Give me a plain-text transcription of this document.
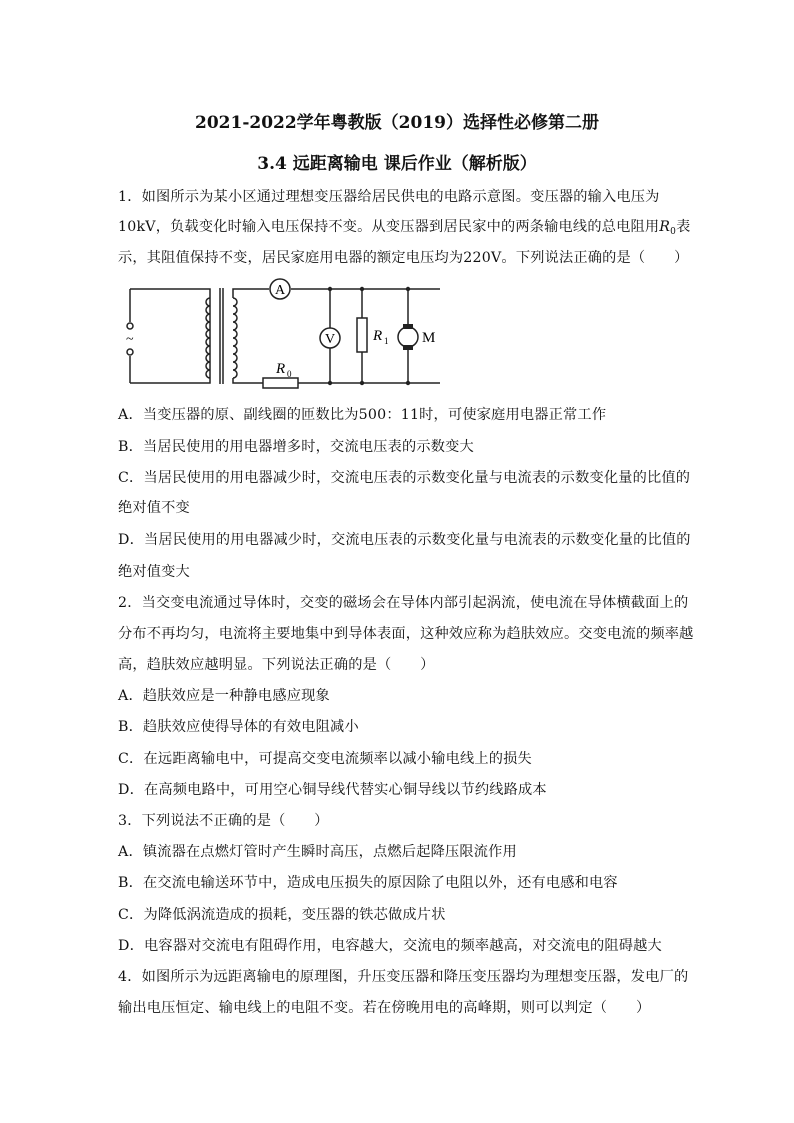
2021-2022学年粤教版（2019）选择性必修第二册
3.4 远距离输电 课后作业（解析版）
1．如图所示为某小区通过理想变压器给居民供电的电路示意图。变压器的输入电压为
10kV，负载变化时输入电压保持不变。从变压器到居民家中的两条输电线的总电阻用$R_0$表
示，其阻值保持不变，居民家庭用电器的额定电压均为220V。下列说法正确的是（　　）
A
V	M
~	R 1
R 0
A．当变压器的原、副线圈的匝数比为500：11时，可使家庭用电器正常工作
B．当居民使用的用电器增多时，交流电压表的示数变大
C．当居民使用的用电器减少时，交流电压表的示数变化量与电流表的示数变化量的比值的
绝对值不变
D．当居民使用的用电器减少时，交流电压表的示数变化量与电流表的示数变化量的比值的
绝对值变大
2．当交变电流通过导体时，交变的磁场会在导体内部引起涡流，使电流在导体横截面上的
分布不再均匀，电流将主要地集中到导体表面，这种效应称为趋肤效应。交变电流的频率越
高，趋肤效应越明显。下列说法正确的是（　　）
A．趋肤效应是一种静电感应现象
B．趋肤效应使得导体的有效电阻减小
C．在远距离输电中，可提高交变电流频率以减小输电线上的损失
D．在高频电路中，可用空心铜导线代替实心铜导线以节约线路成本
3．下列说法不正确的是（　　）
A．镇流器在点燃灯管时产生瞬时高压，点燃后起降压限流作用
B．在交流电输送环节中，造成电压损失的原因除了电阻以外，还有电感和电容
C．为降低涡流造成的损耗，变压器的铁芯做成片状
D．电容器对交流电有阻碍作用，电容越大，交流电的频率越高，对交流电的阻碍越大
4．如图所示为远距离输电的原理图，升压变压器和降压变压器均为理想变压器，发电厂的
输出电压恒定、输电线上的电阻不变。若在傍晚用电的高峰期，则可以判定（　　）
